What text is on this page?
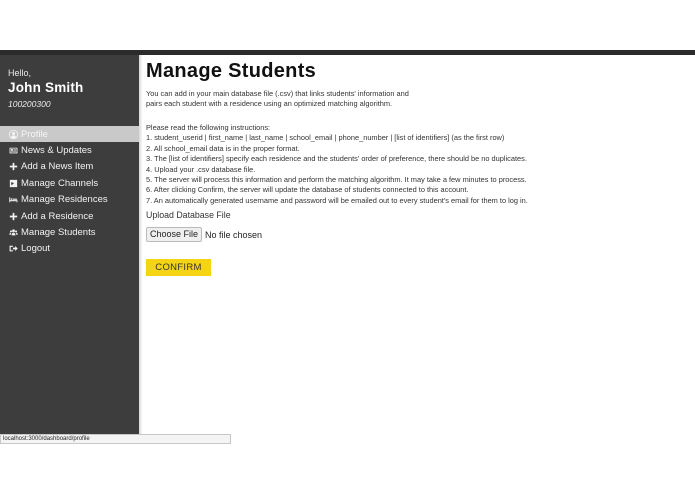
Hello,
John Smith
100200300
Profile
News & Updates
Add a News Item
Manage Channels
Manage Residences
Add a Residence
Manage Students
Logout
Manage Students
You can add in your main database file (.csv) that links students' information and
pairs each student with a residence using an optimized matching algorithm.
Please read the following instructions:
1. student_userid | first_name | last_name | school_email | phone_number | [list of identifiers] (as the first row)
2. All school_email data is in the proper format.
3. The [list of identifiers] specify each residence and the students' order of preference, there should be no duplicates.
4. Upload your .csv database file.
5. The server will process this information and perform the matching algorithm. It may take a few minutes to process.
6. After clicking Confirm, the server will update the database of students connected to this account.
7. An automatically generated username and password will be emailed out to every student's email for them to log in.
Upload Database File
Choose File No file chosen
CONFIRM
localhost:3000/dashboard/profile
